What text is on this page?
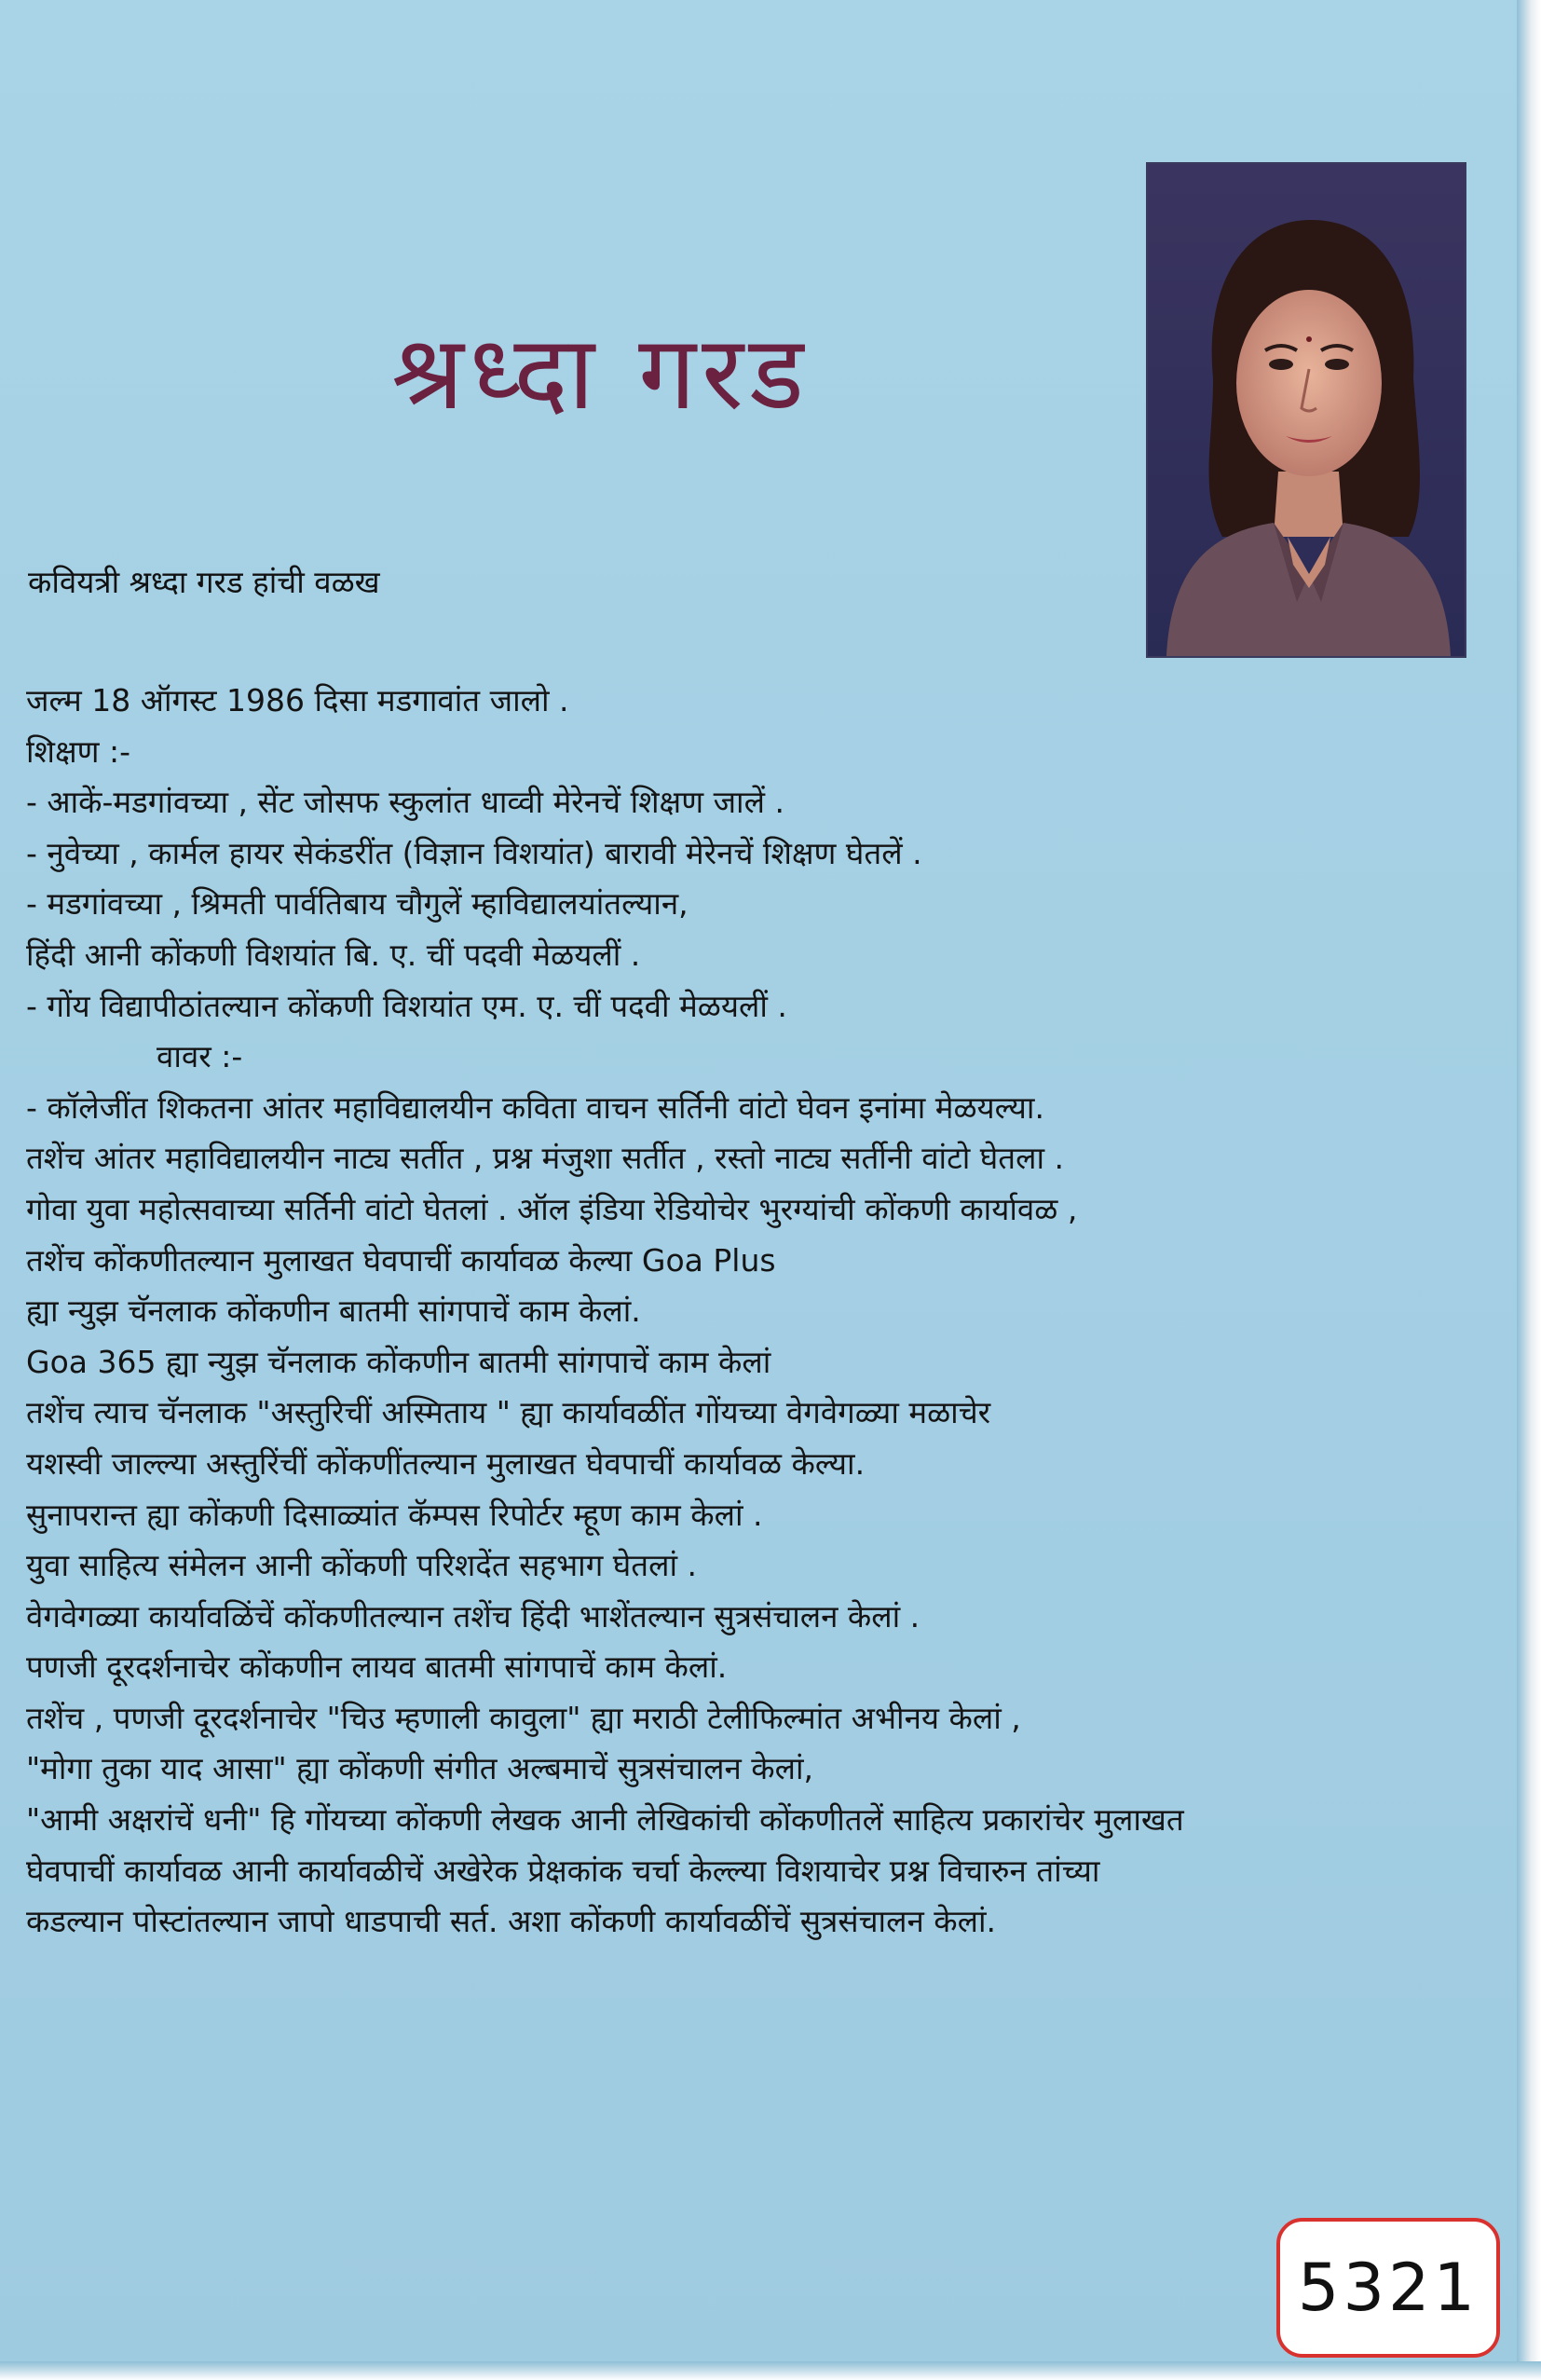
श्रध्दा गरड
कवियत्री श्रध्दा गरड हांची वळख
जल्म 18 ऑगस्ट 1986 दिसा मडगावांत जालो .
शिक्षण :-
- आकें-मडगांवच्या , सेंट जोसफ स्कुलांत धाव्वी मेरेनचें शिक्षण जालें .
- नुवेच्या , कार्मल हायर सेकंडरींत (विज्ञान विशयांत) बारावी मेरेनचें शिक्षण घेतलें .
- मडगांवच्या , श्रिमती पार्वतिबाय चौगुलें म्हाविद्यालयांतल्यान,
हिंदी आनी कोंकणी विशयांत बि. ए. चीं पदवी मेळयलीं .
- गोंय विद्यापीठांतल्यान कोंकणी विशयांत एम. ए. चीं पदवी मेळयलीं .
वावर :-
- कॉलेजींत शिकतना आंतर महाविद्यालयीन कविता वाचन सर्तिनी वांटो घेवन इनांमा मेळयल्या.
तशेंच आंतर महाविद्यालयीन नाट्य सर्तीत , प्रश्न मंजुशा सर्तीत , रस्तो नाट्य सर्तीनी वांटो घेतला .
गोवा युवा महोत्सवाच्या सर्तिनी वांटो घेतलां . ऑल इंडिया रेडियोचेर भुरग्यांची कोंकणी कार्यावळ ,
तशेंच कोंकणीतल्यान मुलाखत घेवपाचीं कार्यावळ केल्या Goa Plus
ह्या न्युझ चॅनलाक कोंकणीन बातमी सांगपाचें काम केलां.
Goa 365 ह्या न्युझ चॅनलाक कोंकणीन बातमी सांगपाचें काम केलां
तशेंच त्याच चॅनलाक "अस्तुरिचीं अस्मिताय " ह्या कार्यावळींत गोंयच्या वेगवेगळ्या मळाचेर
यशस्वी जाल्ल्या अस्तुरिंचीं कोंकणींतल्यान मुलाखत घेवपाचीं कार्यावळ केल्या.
सुनापरान्त ह्या कोंकणी दिसाळ्यांत कॅम्पस रिपोर्टर म्हूण काम केलां .
युवा साहित्य संमेलन आनी कोंकणी परिशदेंत सहभाग घेतलां .
वेगवेगळ्या कार्यावळिंचें कोंकणीतल्यान तशेंच हिंदी भाशेंतल्यान सुत्रसंचालन केलां .
पणजी दूरदर्शनाचेर कोंकणीन लायव बातमी सांगपाचें काम केलां.
तशेंच , पणजी दूरदर्शनाचेर "चिउ म्हणाली कावुला" ह्या मराठी टेलीफिल्मांत अभीनय केलां ,
"मोगा तुका याद आसा" ह्या कोंकणी संगीत अल्बमाचें सुत्रसंचालन केलां,
"आमी अक्षरांचें धनी" हि गोंयच्या कोंकणी लेखक आनी लेखिकांची कोंकणीतलें साहित्य प्रकारांचेर मुलाखत
घेवपाचीं कार्यावळ आनी कार्यावळीचें अखेरेक प्रेक्षकांक चर्चा केल्ल्या विशयाचेर प्रश्न विचारुन तांच्या
कडल्यान पोस्टांतल्यान जापो धाडपाची सर्त. अशा कोंकणी कार्यावळींचें सुत्रसंचालन केलां.
5321
